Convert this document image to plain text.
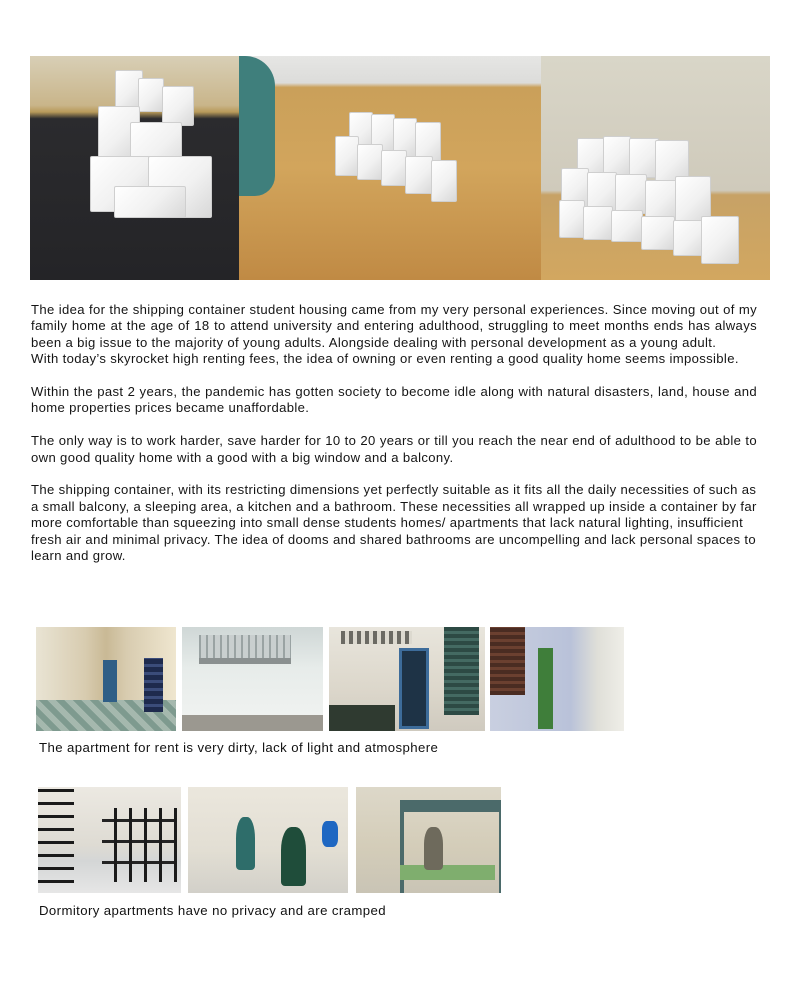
The idea for the shipping container student housing came from my very personal experiences. Since moving out of my family home at the age of 18 to attend university and entering adulthood, struggling to meet months ends has always been a big issue to the majority of young adults. Alongside dealing with personal development as a young adult.

With today’s skyrocket high renting fees, the idea of owning or even renting a good quality home seems impossible.

Within the past 2 years, the pandemic has gotten society to become idle along with natural disasters, land, house and home properties prices became unaffordable.

The only way is to work harder, save harder for 10 to 20 years or till you reach the near end of adulthood to be able to own good quality home with a good with a big window and a balcony.

The shipping container, with its restricting dimensions yet perfectly suitable as it fits all the daily necessities of such as a small balcony, a sleeping area, a kitchen and a bathroom. These necessities all wrapped up inside a container by far more comfortable than squeezing into small dense students homes/ apartments that lack natural lighting, insufficient fresh air and minimal privacy. The idea of dooms and shared bathrooms are uncompelling and lack personal spaces to learn and grow.

The apartment for rent is very dirty, lack of light and atmosphere
Dormitory apartments have no privacy and are cramped
